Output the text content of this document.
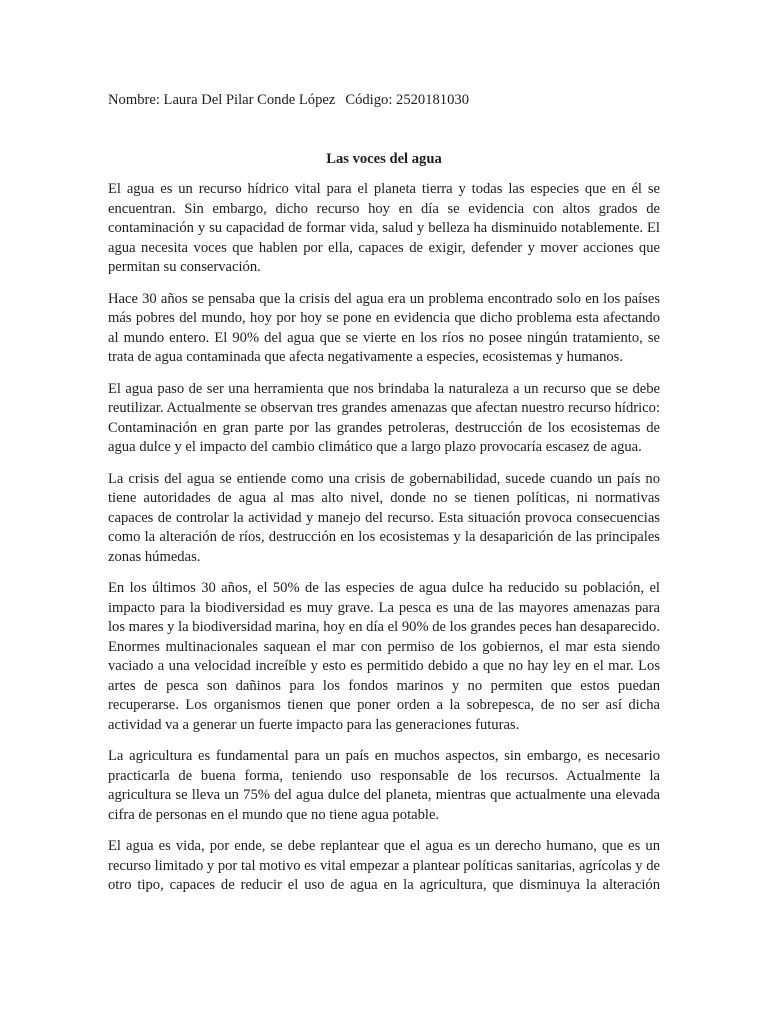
Nombre: Laura Del Pilar Conde López Código: 2520181030
Las voces del agua

El agua es un recurso hídrico vital para el planeta tierra y todas las especies que en él se encuentran. Sin embargo, dicho recurso hoy en día se evidencia con altos grados de contaminación y su capacidad de formar vida, salud y belleza ha disminuido notablemente. El agua necesita voces que hablen por ella, capaces de exigir, defender y mover acciones que permitan su conservación.

Hace 30 años se pensaba que la crisis del agua era un problema encontrado solo en los países más pobres del mundo, hoy por hoy se pone en evidencia que dicho problema esta afectando al mundo entero. El 90% del agua que se vierte en los ríos no posee ningún tratamiento, se trata de agua contaminada que afecta negativamente a especies, ecosistemas y humanos.

El agua paso de ser una herramienta que nos brindaba la naturaleza a un recurso que se debe reutilizar. Actualmente se observan tres grandes amenazas que afectan nuestro recurso hídrico: Contaminación en gran parte por las grandes petroleras, destrucción de los ecosistemas de agua dulce y el impacto del cambio climático que a largo plazo provocaría escasez de agua.

La crisis del agua se entiende como una crisis de gobernabilidad, sucede cuando un país no tiene autoridades de agua al mas alto nivel, donde no se tienen políticas, ni normativas capaces de controlar la actividad y manejo del recurso. Esta situación provoca consecuencias como la alteración de ríos, destrucción en los ecosistemas y la desaparición de las principales zonas húmedas.

En los últimos 30 años, el 50% de las especies de agua dulce ha reducido su población, el impacto para la biodiversidad es muy grave. La pesca es una de las mayores amenazas para los mares y la biodiversidad marina, hoy en día el 90% de los grandes peces han desaparecido. Enormes multinacionales saquean el mar con permiso de los gobiernos, el mar esta siendo vaciado a una velocidad increíble y esto es permitido debido a que no hay ley en el mar. Los artes de pesca son dañinos para los fondos marinos y no permiten que estos puedan recuperarse. Los organismos tienen que poner orden a la sobrepesca, de no ser así dicha actividad va a generar un fuerte impacto para las generaciones futuras.

La agricultura es fundamental para un país en muchos aspectos, sin embargo, es necesario practicarla de buena forma, teniendo uso responsable de los recursos. Actualmente la agricultura se lleva un 75% del agua dulce del planeta, mientras que actualmente una elevada cifra de personas en el mundo que no tiene agua potable.

El agua es vida, por ende, se debe replantear que el agua es un derecho humano, que es un recurso limitado y por tal motivo es vital empezar a plantear políticas sanitarias, agrícolas y de otro tipo, capaces de reducir el uso de agua en la agricultura, que disminuya la alteración
